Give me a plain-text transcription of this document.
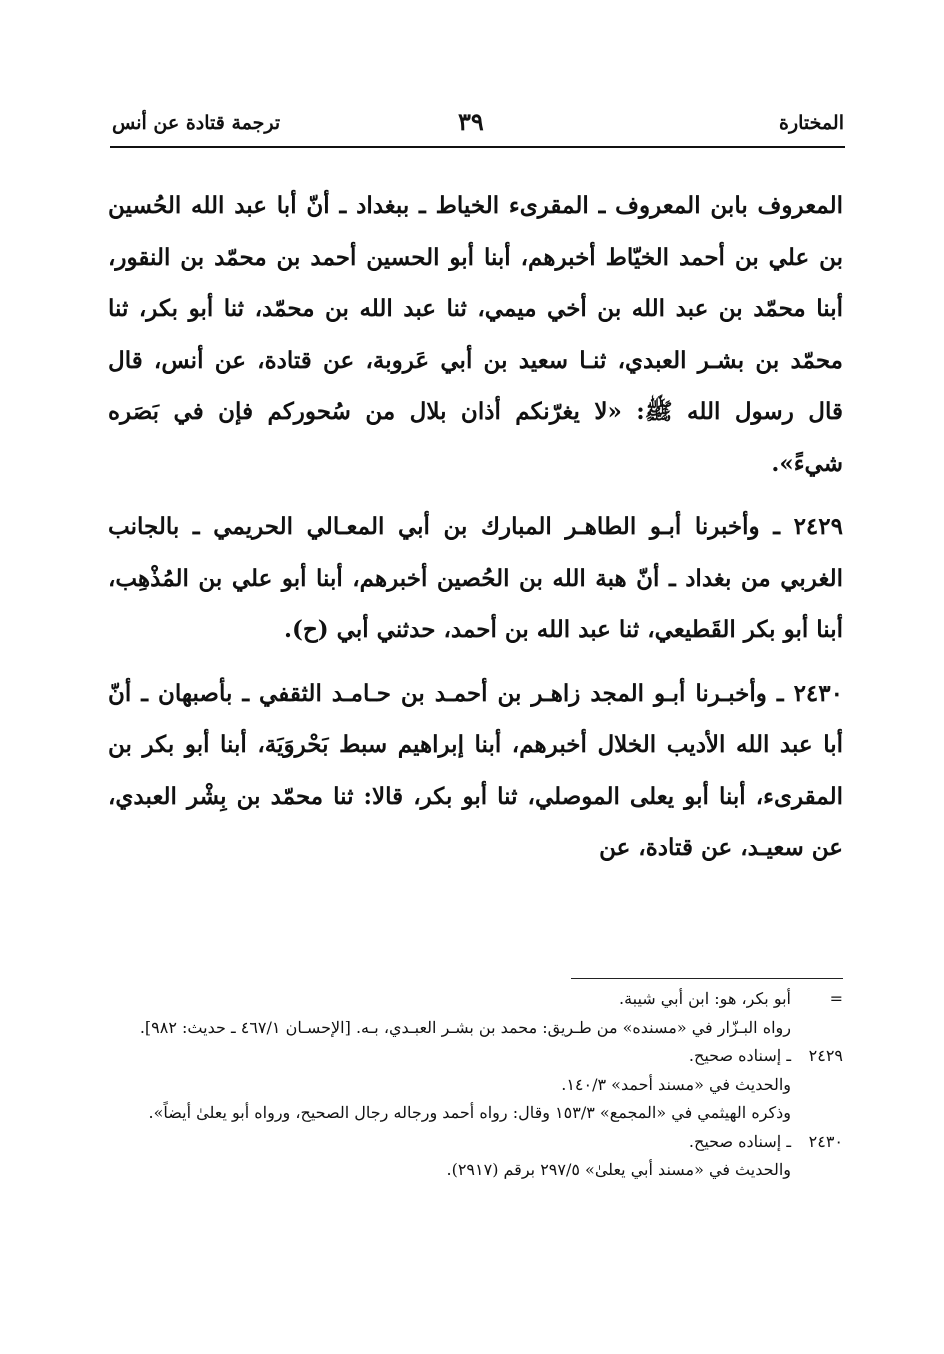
المختارة
٣٩
ترجمة قتادة عن أنس

المعروف بابن المعروف ـ المقرىء الخياط ـ ببغداد ـ أنّ أبا عبد الله الحُسين بن علي بن أحمد الخيّاط أخبرهم، أبنا أبو الحسين أحمد بن محمّد بن النقور، أبنا محمّد بن عبد الله بن أخي ميمي، ثنا عبد الله بن محمّد، ثنا أبو بكر، ثنا محمّد بن بشـر العبدي، ثنـا سعيد بن أبي عَروبة، عن قتادة، عن أنس، قال قال رسول الله ﷺ: «لا يغرّنكم أذان بلال من سُحوركم فإن في بَصَره شيءً».

٢٤٢٩ ـ وأخبرنا أبـو الطاهـر المبارك بن أبي المعـالي الحريمي ـ بالجانب الغربي من بغداد ـ أنّ هبة الله بن الحُصين أخبرهم، أبنا أبو علي بن المُذْهِب، أبنا أبو بكر القَطيعي، ثنا عبد الله بن أحمد، حدثني أبي (ح).

٢٤٣٠ ـ وأخبـرنا أبـو المجد زاهـر بن أحمـد بن حـامـد الثقفي ـ بأصبهان ـ أنّ أبا عبد الله الأديب الخلال أخبرهم، أبنا إبراهيم سبط بَحْروَيَة، أبنا أبو بكر بن المقرىء، أبنا أبو يعلى الموصلي، ثنا أبو بكر، قالا: ثنا محمّد بن بِشْر العبدي، عن سعيـد، عن قتادة، عن

=
أبو بكر، هو: ابن أبي شيبة.
رواه البـزّار في «مسنده» من طـريق: محمد بن بشـر العبـدي، بـه. [الإحسـان ٤٦٧/١ ـ حديث: ٩٨٢].
٢٤٢٩
ـ إسناده صحيح.
والحديث في «مسند أحمد» ١٤٠/٣.
وذكره الهيثمي في «المجمع» ١٥٣/٣ وقال: رواه أحمد ورجاله رجال الصحيح، ورواه أبو يعلىٰ أيضاً».
٢٤٣٠
ـ إسناده صحيح.
والحديث في «مسند أبي يعلىٰ» ٢٩٧/٥ برقم (٢٩١٧).
